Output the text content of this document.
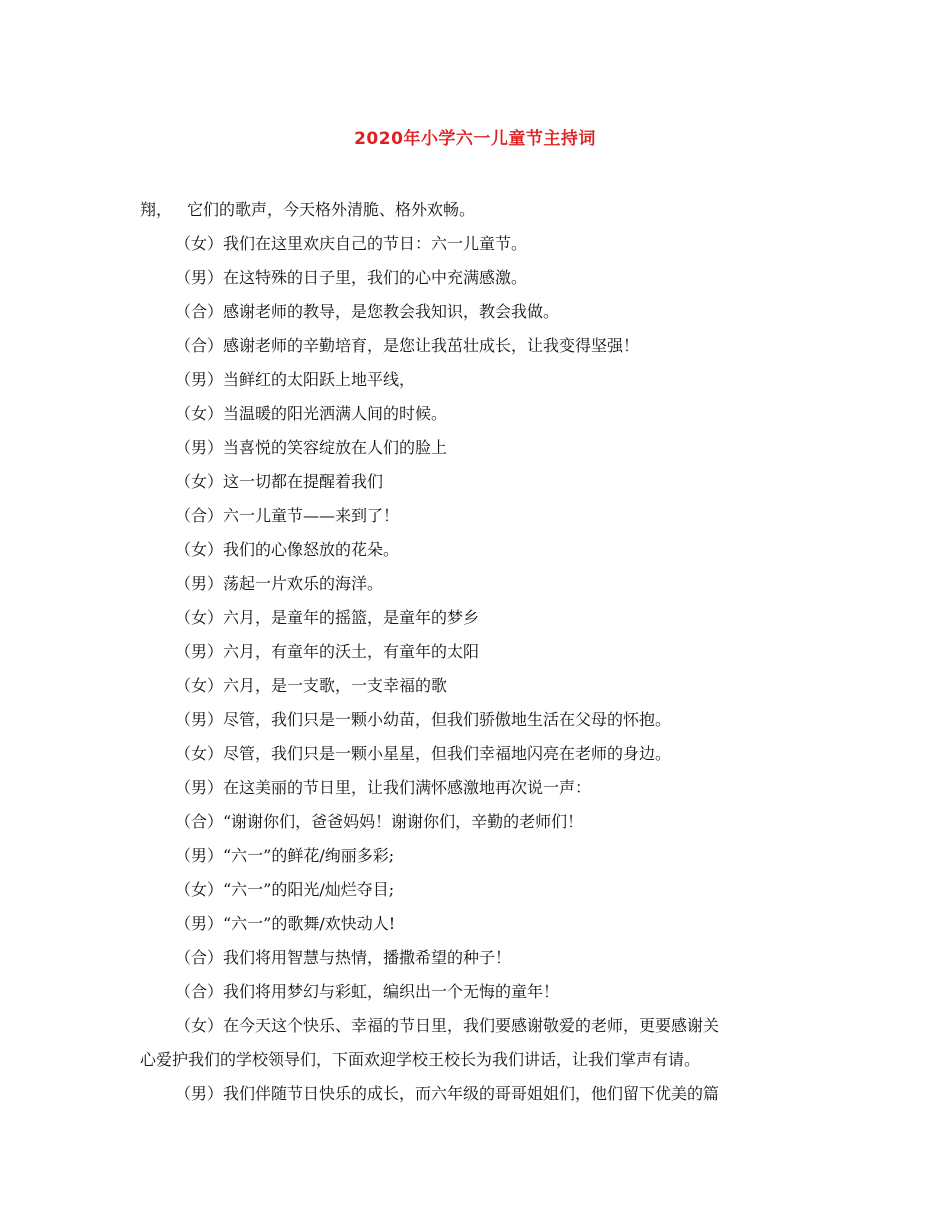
2020年小学六一儿童节主持词
翔， 它们的歌声，今天格外清脆、格外欢畅。
（女）我们在这里欢庆自己的节日：六一儿童节。
（男）在这特殊的日子里，我们的心中充满感激。
（合）感谢老师的教导，是您教会我知识，教会我做。
（合）感谢老师的辛勤培育，是您让我茁壮成长，让我变得坚强！
（男）当鲜红的太阳跃上地平线，
（女）当温暖的阳光洒满人间的时候。
（男）当喜悦的笑容绽放在人们的脸上
（女）这一切都在提醒着我们
（合）六一儿童节——来到了！
（女）我们的心像怒放的花朵。
（男）荡起一片欢乐的海洋。
（女）六月，是童年的摇篮，是童年的梦乡
（男）六月，有童年的沃土，有童年的太阳
（女）六月，是一支歌，一支幸福的歌
（男）尽管，我们只是一颗小幼苗，但我们骄傲地生活在父母的怀抱。
（女）尽管，我们只是一颗小星星，但我们幸福地闪亮在老师的身边。
（男）在这美丽的节日里，让我们满怀感激地再次说一声：
（合）“谢谢你们，爸爸妈妈！谢谢你们，辛勤的老师们！
（男）“六一”的鲜花/绚丽多彩;
（女）“六一”的阳光/灿烂夺目;
（男）“六一”的歌舞/欢快动人!
（合）我们将用智慧与热情，播撒希望的种子！
（合）我们将用梦幻与彩虹，编织出一个无悔的童年！
（女）在今天这个快乐、幸福的节日里，我们要感谢敬爱的老师，更要感谢关
心爱护我们的学校领导们，下面欢迎学校王校长为我们讲话，让我们掌声有请。
（男）我们伴随节日快乐的成长，而六年级的哥哥姐姐们，他们留下优美的篇
